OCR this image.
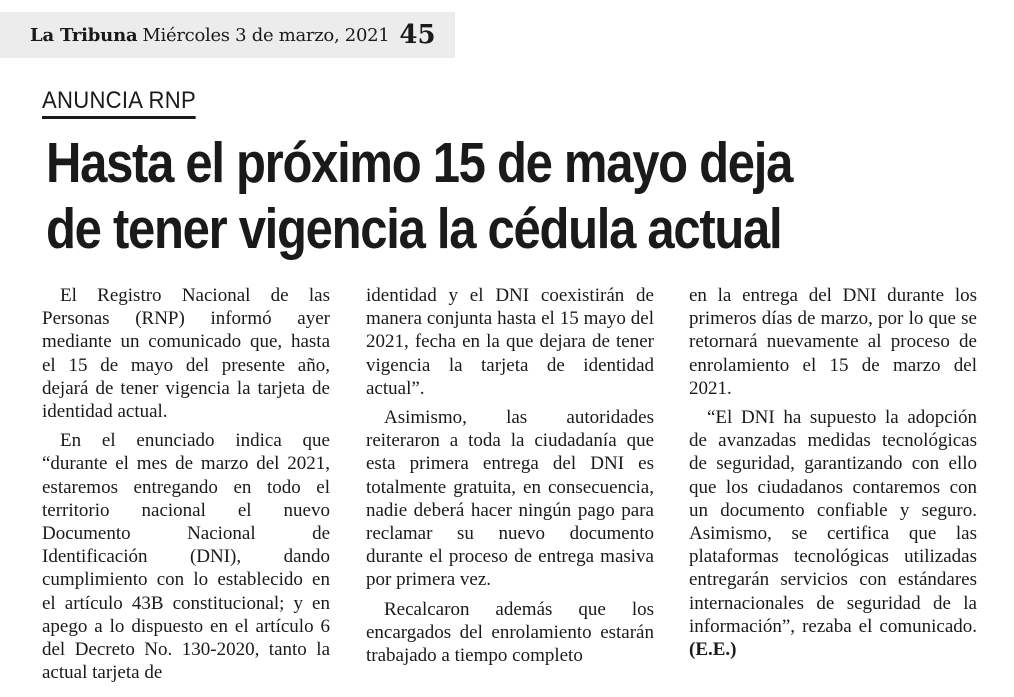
La Tribuna Miércoles 3 de marzo, 2021 45
ANUNCIA RNP
Hasta el próximo 15 de mayo deja
de tener vigencia la cédula actual

El Registro Nacional de las Personas (RNP) informó ayer mediante un comunicado que, hasta el 15 de mayo del presente año, dejará de tener vigencia la tarjeta de identidad actual.

En el enunciado indica que “durante el mes de marzo del 2021, estaremos entregando en todo el territorio nacional el nuevo Documento Nacional de Identificación (DNI), dando cumplimiento con lo establecido en el artículo 43B constitucional; y en apego a lo dispuesto en el artículo 6 del Decreto No. 130-2020, tanto la actual tarjeta de

identidad y el DNI coexistirán de manera conjunta hasta el 15 mayo del 2021, fecha en la que dejara de tener vigencia la tarjeta de identidad actual”.

Asimismo, las autoridades reiteraron a toda la ciudadanía que esta primera entrega del DNI es totalmente gratuita, en consecuencia, nadie deberá hacer ningún pago para reclamar su nuevo documento durante el proceso de entrega masiva por primera vez.

Recalcaron además que los encargados del enrolamiento estarán trabajado a tiempo completo

en la entrega del DNI durante los primeros días de marzo, por lo que se retornará nuevamente al proceso de enrolamiento el 15 de marzo del 2021.

“El DNI ha supuesto la adopción de avanzadas medidas tecnológicas de seguridad, garantizando con ello que los ciudadanos contaremos con un documento confiable y seguro. Asimismo, se certifica que las plataformas tecnológicas utilizadas entregarán servicios con estándares internacionales de seguridad de la información”, rezaba el comunicado. (E.E.)
